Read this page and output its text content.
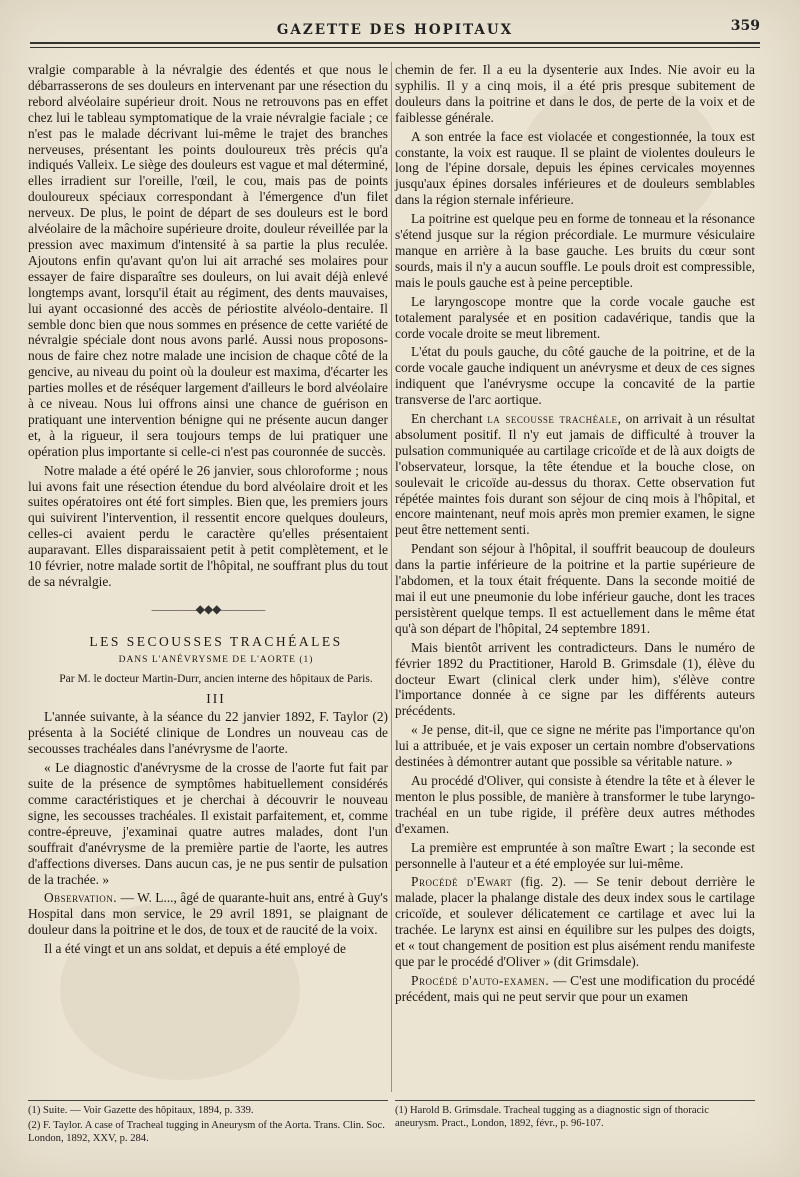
GAZETTE DES HOPITAUX	359

vralgie comparable à la névralgie des édentés et que nous le débarrasserons de ses douleurs en intervenant par une résection du rebord alvéolaire supérieur droit. Nous ne retrouvons pas en effet chez lui le tableau symptomatique de la vraie névralgie faciale ; ce n'est pas le malade décrivant lui-même le trajet des branches nerveuses, présentant les points douloureux très précis qu'a indiqués Valleix. Le siège des douleurs est vague et mal déterminé, elles irradient sur l'oreille, l'œil, le cou, mais pas de points douloureux spéciaux correspondant à l'émergence d'un filet nerveux. De plus, le point de départ de ses douleurs est le bord alvéolaire de la mâchoire supérieure droite, douleur réveillée par la pression avec maximum d'intensité à sa partie la plus reculée. Ajoutons enfin qu'avant qu'on lui ait arraché ses molaires pour essayer de faire disparaître ses douleurs, on lui avait déjà enlevé longtemps avant, lorsqu'il était au régiment, des dents mauvaises, lui ayant occasionné des accès de périostite alvéolo-dentaire. Il semble donc bien que nous sommes en présence de cette variété de névralgie spéciale dont nous avons parlé. Aussi nous proposons-nous de faire chez notre malade une incision de chaque côté de la gencive, au niveau du point où la douleur est maxima, d'écarter les parties molles et de réséquer largement d'ailleurs le bord alvéolaire à ce niveau. Nous lui offrons ainsi une chance de guérison en pratiquant une intervention bénigne qui ne présente aucun danger et, à la rigueur, il sera toujours temps de lui pratiquer une opération plus importante si celle-ci n'est pas couronnée de succès.

Notre malade a été opéré le 26 janvier, sous chloroforme ; nous lui avons fait une résection étendue du bord alvéolaire droit et les suites opératoires ont été fort simples. Bien que, les premiers jours qui suivirent l'intervention, il ressentit encore quelques douleurs, celles-ci avaient perdu le caractère qu'elles présentaient auparavant. Elles disparaissaient petit à petit complètement, et le 10 février, notre malade sortit de l'hôpital, ne souffrant plus du tout de sa névralgie.

————◆◆◆————

LES SECOUSSES TRACHÉALES

DANS L'ANÉVRYSME DE L'AORTE (1)

Par M. le docteur Martin-Durr, ancien interne des hôpitaux de Paris.

III

L'année suivante, à la séance du 22 janvier 1892, F. Taylor (2) présenta à la Société clinique de Londres un nouveau cas de secousses trachéales dans l'anévrysme de l'aorte.

« Le diagnostic d'anévrysme de la crosse de l'aorte fut fait par suite de la présence de symptômes habituellement considérés comme caractéristiques et je cherchai à découvrir le nouveau signe, les secousses trachéales. Il existait parfaitement, et, comme contre-épreuve, j'examinai quatre autres malades, dont l'un souffrait d'anévrysme de la première partie de l'aorte, les autres d'affections diverses. Dans aucun cas, je ne pus sentir de pulsation de la trachée. »

Observation. — W. L..., âgé de quarante-huit ans, entré à Guy's Hospital dans mon service, le 29 avril 1891, se plaignant de douleur dans la poitrine et le dos, de toux et de raucité de la voix.

Il a été vingt et un ans soldat, et depuis a été employé de

chemin de fer. Il a eu la dysenterie aux Indes. Nie avoir eu la syphilis. Il y a cinq mois, il a été pris presque subitement de douleurs dans la poitrine et dans le dos, de perte de la voix et de faiblesse générale.

A son entrée la face est violacée et congestionnée, la toux est constante, la voix est rauque. Il se plaint de violentes douleurs le long de l'épine dorsale, depuis les épines cervicales moyennes jusqu'aux épines dorsales inférieures et de douleurs semblables dans la région sternale inférieure.

La poitrine est quelque peu en forme de tonneau et la résonance s'étend jusque sur la région précordiale. Le murmure vésiculaire manque en arrière à la base gauche. Les bruits du cœur sont sourds, mais il n'y a aucun souffle. Le pouls droit est compressible, mais le pouls gauche est à peine perceptible.

Le laryngoscope montre que la corde vocale gauche est totalement paralysée et en position cadavérique, tandis que la corde vocale droite se meut librement.

L'état du pouls gauche, du côté gauche de la poitrine, et de la corde vocale gauche indiquent un anévrysme et deux de ces signes indiquent que l'anévrysme occupe la concavité de la partie transverse de l'arc aortique.

En cherchant la secousse trachéale, on arrivait à un résultat absolument positif. Il n'y eut jamais de difficulté à trouver la pulsation communiquée au cartilage cricoïde et de là aux doigts de l'observateur, lorsque, la tête étendue et la bouche close, on soulevait le cricoïde au-dessus du thorax. Cette observation fut répétée maintes fois durant son séjour de cinq mois à l'hôpital, et encore maintenant, neuf mois après mon premier examen, le signe peut être nettement senti.

Pendant son séjour à l'hôpital, il souffrit beaucoup de douleurs dans la partie inférieure de la poitrine et la partie supérieure de l'abdomen, et la toux était fréquente. Dans la seconde moitié de mai il eut une pneumonie du lobe inférieur gauche, dont les traces persistèrent quelque temps. Il est actuellement dans le même état qu'à son départ de l'hôpital, 24 septembre 1891.

Mais bientôt arrivent les contradicteurs. Dans le numéro de février 1892 du Practitioner, Harold B. Grimsdale (1), élève du docteur Ewart (clinical clerk under him), s'élève contre l'importance donnée à ce signe par les différents auteurs précédents.

« Je pense, dit-il, que ce signe ne mérite pas l'importance qu'on lui a attribuée, et je vais exposer un certain nombre d'observations destinées à démontrer autant que possible sa véritable nature. »

Au procédé d'Oliver, qui consiste à étendre la tête et à élever le menton le plus possible, de manière à transformer le tube laryngo-trachéal en un tube rigide, il préfère deux autres méthodes d'examen.

La première est empruntée à son maître Ewart ; la seconde est personnelle à l'auteur et a été employée sur lui-même.

Procédé d'Ewart (fig. 2). — Se tenir debout derrière le malade, placer la phalange distale des deux index sous le cartilage cricoïde, et soulever délicatement ce cartilage et avec lui la trachée. Le larynx est ainsi en équilibre sur les pulpes des doigts, et « tout changement de position est plus aisément rendu manifeste que par le procédé d'Oliver » (dit Grimsdale).

Procédé d'auto-examen. — C'est une modification du procédé précédent, mais qui ne peut servir que pour un examen

(1) Suite. — Voir Gazette des hôpitaux, 1894, p. 339.

(2) F. Taylor. A case of Tracheal tugging in Aneurysm of the Aorta. Trans. Clin. Soc. London, 1892, XXV, p. 284.

(1) Harold B. Grimsdale. Tracheal tugging as a diagnostic sign of thoracic aneurysm. Pract., London, 1892, févr., p. 96-107.
